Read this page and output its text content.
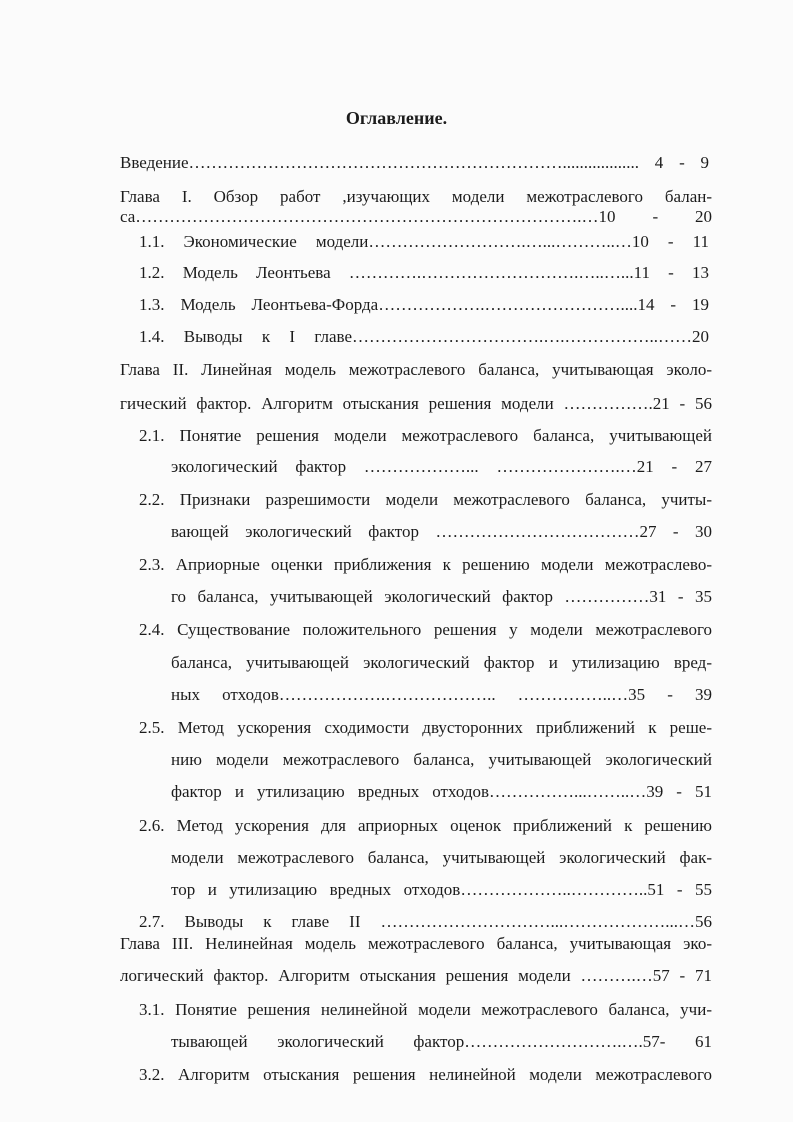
Оглавление.
Введение………………………………………………………….................. 4 - 9
Глава I. Обзор работ ,изучающих модели межотраслевого балан-
са…………………………………………………………………….…10 - 20
1.1. Экономические модели……………………….…...………..…10 - 11
1.2. Модель Леонтьева ………….……………………….…..…...11 - 13
1.3. Модель Леонтьева-Форда……………….……………………....14 - 19
1.4. Выводы к I главе…………………………….….……………..……20
Глава II. Линейная модель межотраслевого баланса, учитывающая эколо-
гический фактор. Алгоритм отыскания решения модели …………….21 - 56
2.1. Понятие решения модели межотраслевого баланса, учитывающей
экологический фактор ………………... ………………….…21 - 27
2.2. Признаки разрешимости модели межотраслевого баланса, учиты-
вающей экологический фактор ………………………………27 - 30
2.3. Априорные оценки приближения к решению модели межотраслево-
го баланса, учитывающей экологический фактор ……………31 - 35
2.4. Существование положительного решения у модели межотраслевого
баланса, учитывающей экологический фактор и утилизацию вред-
ных отходов……………….……………….. ……………..…35 - 39
2.5. Метод ускорения сходимости двусторонних приближений к реше-
нию модели межотраслевого баланса, учитывающей экологический
фактор и утилизацию вредных отходов……………...……..…39 - 51
2.6. Метод ускорения для априорных оценок приближений к решению
модели межотраслевого баланса, учитывающей экологический фак-
тор и утилизацию вредных отходов………………..…………..51 - 55
2.7. Выводы к главе II …………………………...………………...…56
Глава III. Нелинейная модель межотраслевого баланса, учитывающая эко-
логический фактор. Алгоритм отыскания решения модели ……….…57 - 71
3.1. Понятие решения нелинейной модели межотраслевого баланса, учи-
тывающей экологический фактор……………………….….57- 61
3.2. Алгоритм отыскания решения нелинейной модели межотраслевого
